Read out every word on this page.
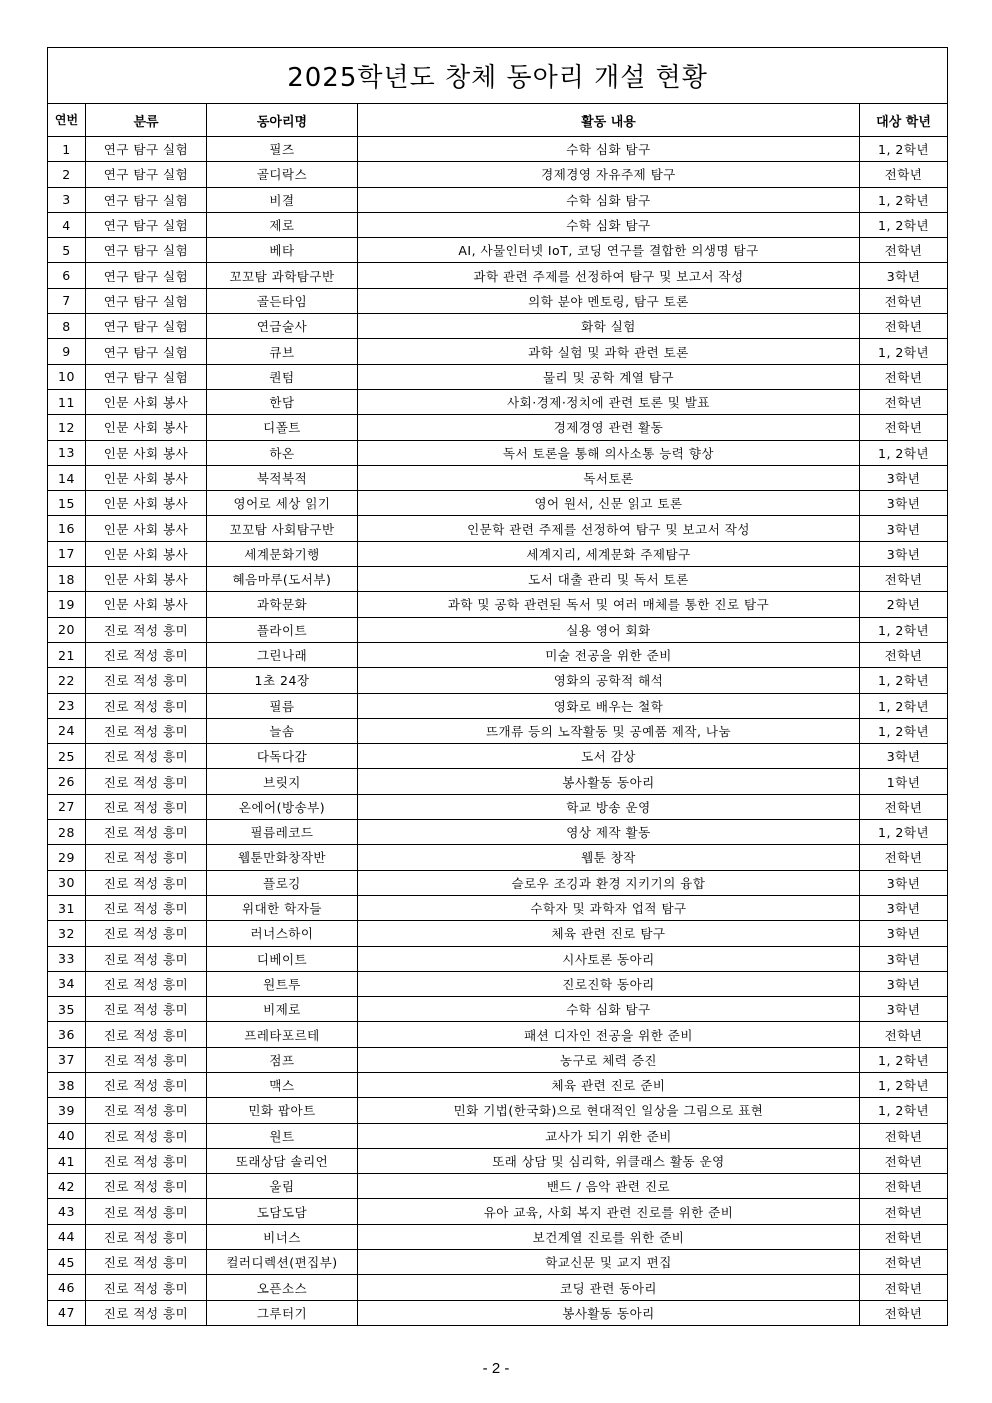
2025학년도 창체 동아리 개설 현황				
연번	분류	동아리명	활동 내용	대상 학년
1	연구 탐구 실험	필즈	수학 심화 탐구	1, 2학년
2	연구 탐구 실험	골디락스	경제경영 자유주제 탐구	전학년
3	연구 탐구 실험	비결	수학 심화 탐구	1, 2학년
4	연구 탐구 실험	제로	수학 심화 탐구	1, 2학년
5	연구 탐구 실험	베타	AI, 사물인터넷 IoT, 코딩 연구를 결합한 의생명 탐구	전학년
6	연구 탐구 실험	꼬꼬탐 과학탐구반	과학 관련 주제를 선정하여 탐구 및 보고서 작성	3학년
7	연구 탐구 실험	골든타임	의학 분야 멘토링, 탐구 토론	전학년
8	연구 탐구 실험	연금술사	화학 실험	전학년
9	연구 탐구 실험	큐브	과학 실험 및 과학 관련 토론	1, 2학년
10	연구 탐구 실험	퀀텀	물리 및 공학 계열 탐구	전학년
11	인문 사회 봉사	한담	사회·경제·정치에 관련 토론 및 발표	전학년
12	인문 사회 봉사	디폴트	경제경영 관련 활동	전학년
13	인문 사회 봉사	하온	독서 토론을 통해 의사소통 능력 향상	1, 2학년
14	인문 사회 봉사	북적북적	독서토론	3학년
15	인문 사회 봉사	영어로 세상 읽기	영어 원서, 신문 읽고 토론	3학년
16	인문 사회 봉사	꼬꼬탐 사회탐구반	인문학 관련 주제를 선정하여 탐구 및 보고서 작성	3학년
17	인문 사회 봉사	세계문화기행	세계지리, 세계문화 주제탐구	3학년
18	인문 사회 봉사	혜음마루(도서부)	도서 대출 관리 및 독서 토론	전학년
19	인문 사회 봉사	과학문화	과학 및 공학 관련된 독서 및 여러 매체를 통한 진로 탐구	2학년
20	진로 적성 흥미	플라이트	실용 영어 회화	1, 2학년
21	진로 적성 흥미	그린나래	미술 전공을 위한 준비	전학년
22	진로 적성 흥미	1초 24장	영화의 공학적 해석	1, 2학년
23	진로 적성 흥미	필름	영화로 배우는 철학	1, 2학년
24	진로 적성 흥미	늘솜	뜨개류 등의 노작활동 및 공예품 제작, 나눔	1, 2학년
25	진로 적성 흥미	다독다감	도서 감상	3학년
26	진로 적성 흥미	브릿지	봉사활동 동아리	1학년
27	진로 적성 흥미	온에어(방송부)	학교 방송 운영	전학년
28	진로 적성 흥미	필름레코드	영상 제작 활동	1, 2학년
29	진로 적성 흥미	웹툰만화창작반	웹툰 창작	전학년
30	진로 적성 흥미	플로깅	슬로우 조깅과 환경 지키기의 융합	3학년
31	진로 적성 흥미	위대한 학자들	수학자 및 과학자 업적 탐구	3학년
32	진로 적성 흥미	러너스하이	체육 관련 진로 탐구	3학년
33	진로 적성 흥미	디베이트	시사토론 동아리	3학년
34	진로 적성 흥미	원트투	진로진학 동아리	3학년
35	진로 적성 흥미	비제로	수학 심화 탐구	3학년
36	진로 적성 흥미	프레타포르테	패션 디자인 전공을 위한 준비	전학년
37	진로 적성 흥미	점프	농구로 체력 증진	1, 2학년
38	진로 적성 흥미	맥스	체육 관련 진로 준비	1, 2학년
39	진로 적성 흥미	민화 팝아트	민화 기법(한국화)으로 현대적인 일상을 그림으로 표현	1, 2학년
40	진로 적성 흥미	원트	교사가 되기 위한 준비	전학년
41	진로 적성 흥미	또래상담 솔리언	또래 상담 및 심리학, 위클래스 활동 운영	전학년
42	진로 적성 흥미	울림	밴드 / 음악 관련 진로	전학년
43	진로 적성 흥미	도담도담	유아 교육, 사회 복지 관련 진로를 위한 준비	전학년
44	진로 적성 흥미	비너스	보건계열 진로를 위한 준비	전학년
45	진로 적성 흥미	컬러디렉션(편집부)	학교신문 및 교지 편집	전학년
46	진로 적성 흥미	오픈소스	코딩 관련 동아리	전학년
47	진로 적성 흥미	그루터기	봉사활동 동아리	전학년
- 2 -
